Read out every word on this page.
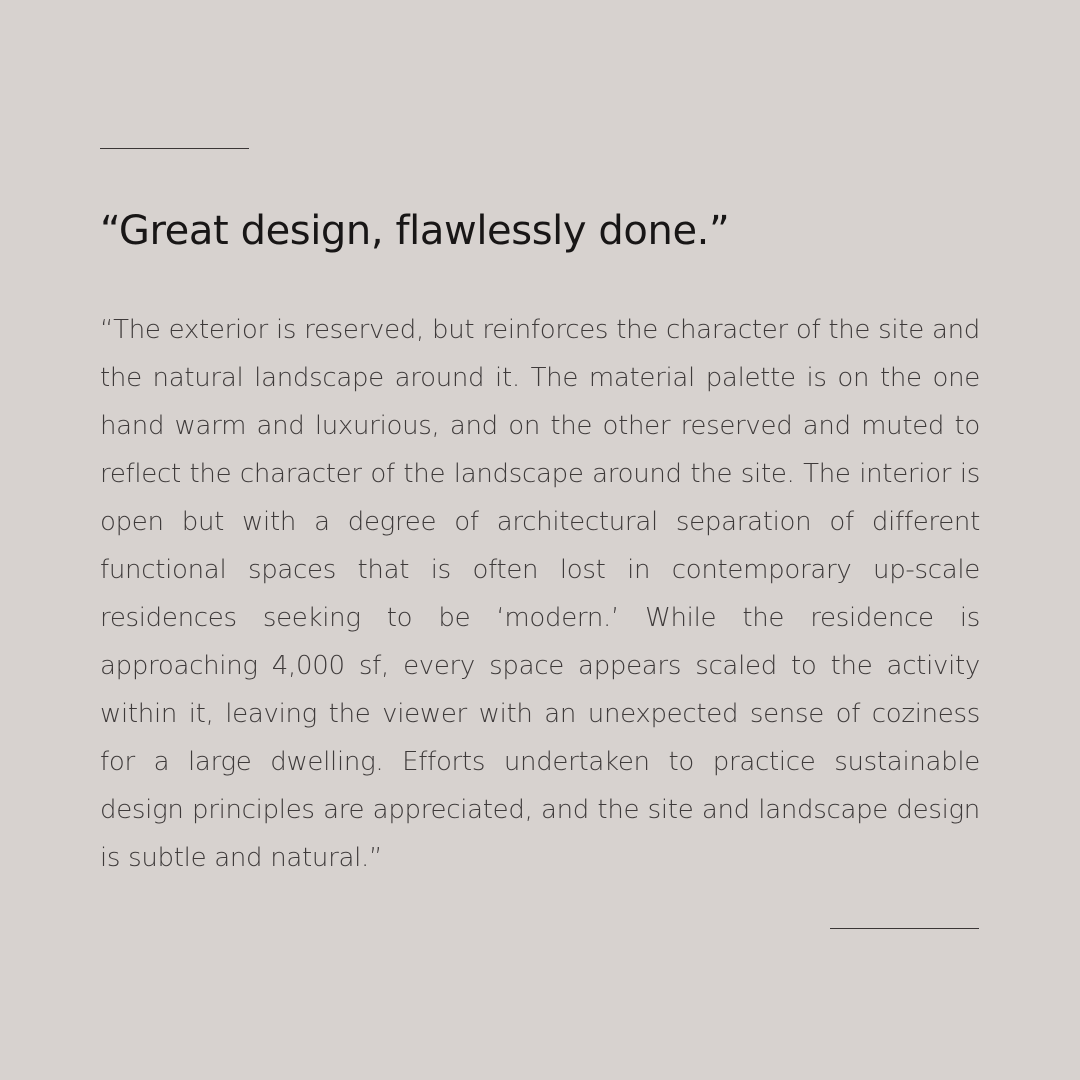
“Great design, flawlessly done.”

“The exterior is reserved, but reinforces the character of the site and the natural landscape around it. The material palette is on the one hand warm and luxurious, and on the other reserved and muted to reflect the character of the landscape around the site. The interior is open but with a degree of architectural separation of different functional spaces that is often lost in contemporary up-scale residences seeking to be ‘modern.’ While the residence is approaching 4,000 sf, every space appears scaled to the activity within it, leaving the viewer with an unexpected sense of coziness for a large dwelling. Efforts undertaken to practice sustainable design principles are appreciated, and the site and landscape design is subtle and natural.”
